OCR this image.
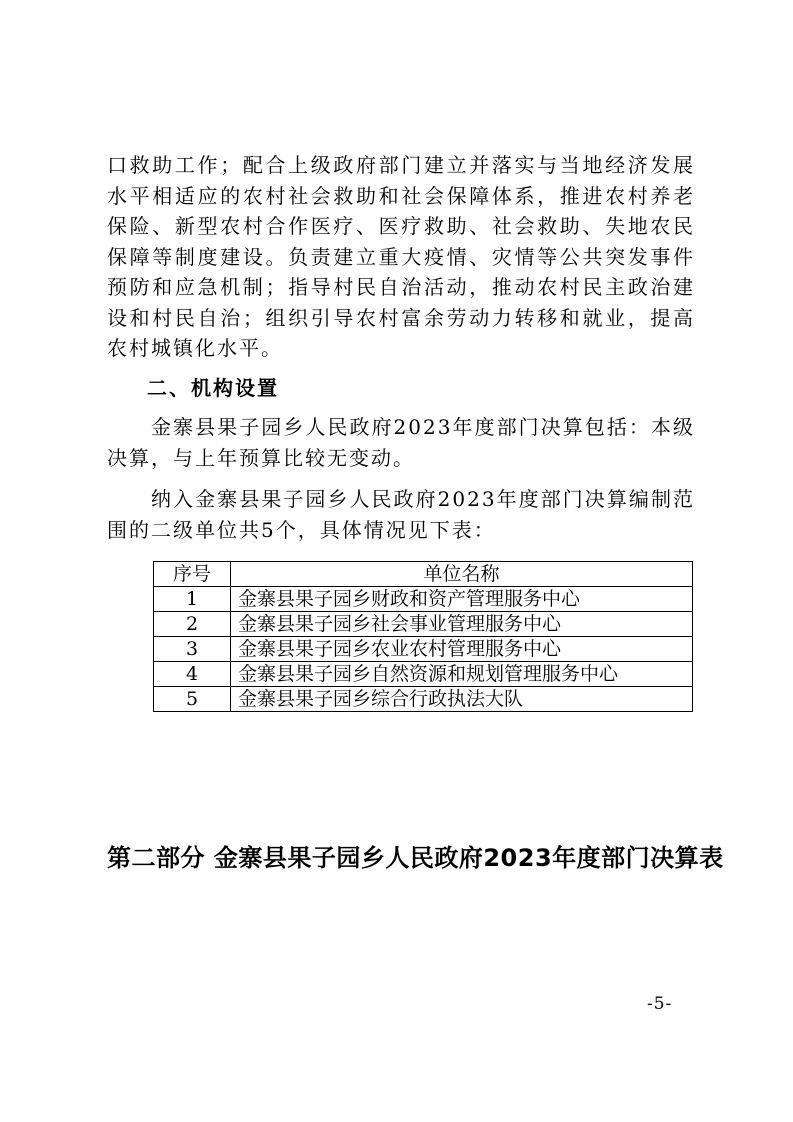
口救助工作；配合上级政府部门建立并落实与当地经济发展水平相适应的农村社会救助和社会保障体系，推进农村养老保险、新型农村合作医疗、医疗救助、社会救助、失地农民保障等制度建设。负责建立重大疫情、灾情等公共突发事件预防和应急机制；指导村民自治活动，推动农村民主政治建设和村民自治；组织引导农村富余劳动力转移和就业，提高农村城镇化水平。

二、机构设置

金寨县果子园乡人民政府2023年度部门决算包括：本级决算，与上年预算比较无变动。

纳入金寨县果子园乡人民政府2023年度部门决算编制范围的二级单位共5个，具体情况见下表：

序号	单位名称
1	金寨县果子园乡财政和资产管理服务中心
2	金寨县果子园乡社会事业管理服务中心
3	金寨县果子园乡农业农村管理服务中心
4	金寨县果子园乡自然资源和规划管理服务中心
5	金寨县果子园乡综合行政执法大队
第二部分 金寨县果子园乡人民政府2023年度部门决算表
-5-
